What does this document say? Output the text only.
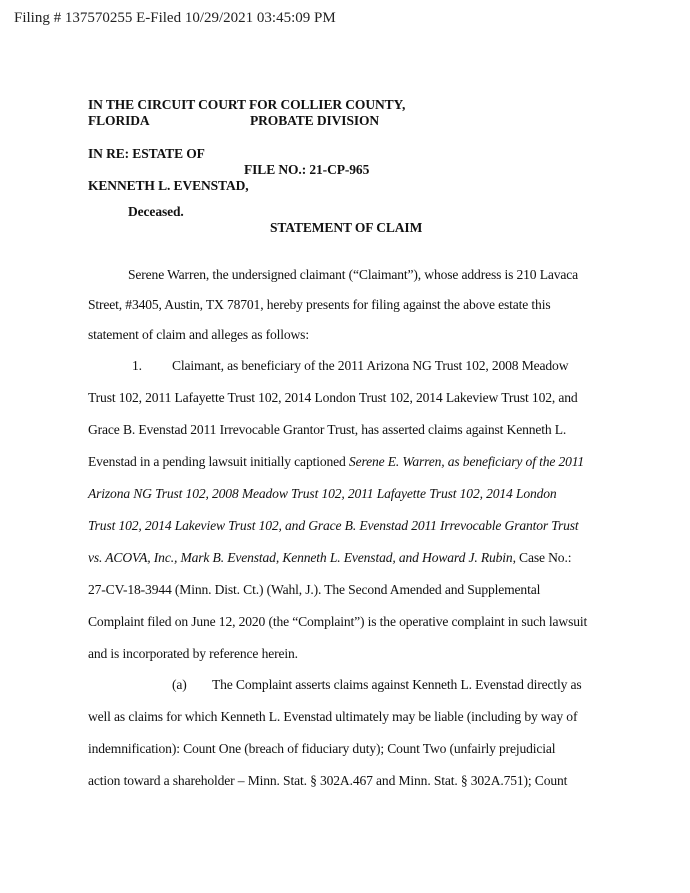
Filing # 137570255 E-Filed 10/29/2021 03:45:09 PM
IN THE CIRCUIT COURT FOR COLLIER COUNTY,
FLORIDA	PROBATE DIVISION
IN RE: ESTATE OF
FILE NO.: 21-CP-965
KENNETH L. EVENSTAD,
Deceased.
STATEMENT OF CLAIM
Serene Warren, the undersigned claimant (“Claimant”), whose address is 210 Lavaca
Street, #3405, Austin, TX 78701, hereby presents for filing against the above estate this
statement of claim and alleges as follows:
1. Claimant, as beneficiary of the 2011 Arizona NG Trust 102, 2008 Meadow
Trust 102, 2011 Lafayette Trust 102, 2014 London Trust 102, 2014 Lakeview Trust 102, and
Grace B. Evenstad 2011 Irrevocable Grantor Trust, has asserted claims against Kenneth L.
Evenstad in a pending lawsuit initially captioned Serene E. Warren, as beneficiary of the 2011
Arizona NG Trust 102, 2008 Meadow Trust 102, 2011 Lafayette Trust 102, 2014 London
Trust 102, 2014 Lakeview Trust 102, and Grace B. Evenstad 2011 Irrevocable Grantor Trust
vs. ACOVA, Inc., Mark B. Evenstad, Kenneth L. Evenstad, and Howard J. Rubin, Case No.:
27-CV-18-3944 (Minn. Dist. Ct.) (Wahl, J.). The Second Amended and Supplemental
Complaint filed on June 12, 2020 (the “Complaint”) is the operative complaint in such lawsuit
and is incorporated by reference herein.
(a) The Complaint asserts claims against Kenneth L. Evenstad directly as
well as claims for which Kenneth L. Evenstad ultimately may be liable (including by way of
indemnification): Count One (breach of fiduciary duty); Count Two (unfairly prejudicial
action toward a shareholder – Minn. Stat. § 302A.467 and Minn. Stat. § 302A.751); Count
